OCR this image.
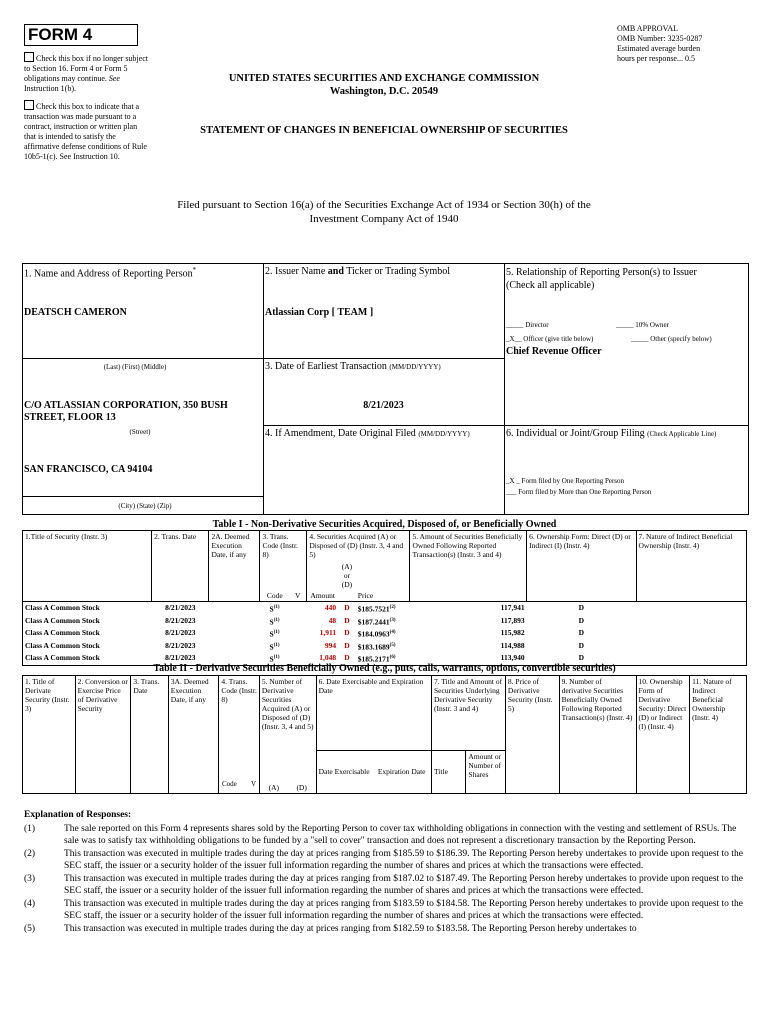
FORM 4
Check this box if no longer subject to Section 16. Form 4 or Form 5 obligations may continue. See Instruction 1(b).
Check this box to indicate that a transaction was made pursuant to a contract, instruction or written plan that is intended to satisfy the affirmative defense conditions of Rule 10b5-1(c). See Instruction 10.
OMB APPROVAL
OMB Number: 3235-0287
Estimated average burden
hours per response... 0.5
UNITED STATES SECURITIES AND EXCHANGE COMMISSION
Washington, D.C. 20549
STATEMENT OF CHANGES IN BENEFICIAL OWNERSHIP OF SECURITIES
Filed pursuant to Section 16(a) of the Securities Exchange Act of 1934 or Section 30(h) of the
Investment Company Act of 1940
1. Name and Address of Reporting Person*
DEATSCH CAMERON
(Last) (First) (Middle)
C/O ATLASSIAN CORPORATION, 350 BUSH STREET, FLOOR 13
(Street)
SAN FRANCISCO, CA 94104
(City) (State) (Zip)
2. Issuer Name and Ticker or Trading Symbol
Atlassian Corp [ TEAM ]
3. Date of Earliest Transaction (MM/DD/YYYY)
8/21/2023
4. If Amendment, Date Original Filed (MM/DD/YYYY)
5. Relationship of Reporting Person(s) to Issuer
(Check all applicable)
_____ Director	_____ 10% Owner
_X__ Officer (give title below)	_____ Other (specify below)
Chief Revenue Officer
6. Individual or Joint/Group Filing (Check Applicable Line)
_X _ Form filed by One Reporting Person
___ Form filed by More than One Reporting Person
Table I - Non-Derivative Securities Acquired, Disposed of, or Beneficially Owned
1.Title of Security (Instr. 3)	2. Trans. Date	2A. Deemed Execution Date, if any	3. Trans. Code (Instr. 8)		4. Securities Acquired (A) or Disposed of (D) (Instr. 3, 4 and 5)			5. Amount of Securities Beneficially Owned Following Reported Transaction(s) (Instr. 3 and 4)	6. Ownership Form: Direct (D) or Indirect (I) (Instr. 4)	7. Nature of Indirect Beneficial Ownership (Instr. 4)
						(A) or (D)				
			Code	V	Amount		Price			
Class A Common Stock	8/21/2023		$S^{(1)}$		440	D	$185.7521$^{(2)}$	117,941	D	
Class A Common Stock	8/21/2023		$S^{(1)}$		48	D	$187.2441$^{(3)}$	117,893	D	
Class A Common Stock	8/21/2023		$S^{(1)}$		1,911	D	$184.0963$^{(4)}$	115,982	D	
Class A Common Stock	8/21/2023		$S^{(1)}$		994	D	$183.1689$^{(5)}$	114,988	D	
Class A Common Stock	8/21/2023		$S^{(1)}$		1,048	D	$185.2171$^{(6)}$	113,940	D	
Table II - Derivative Securities Beneficially Owned (e.g., puts, calls, warrants, options, convertible securities)
1. Title of Derivate Security (Instr. 3)	2. Conversion or Exercise Price of Derivative Security	3. Trans. Date	3A. Deemed Execution Date, if any	4. Trans. Code (Instr. 8)	5. Number of Derivative Securities Acquired (A) or Disposed of (D) (Instr. 3, 4 and 5)		6. Date Exercisable and Expiration Date		7. Title and Amount of Securities Underlying Derivative Security (Instr. 3 and 4)		8. Price of Derivative Security (Instr. 5)	9. Number of derivative Securities Beneficially Owned Following Reported Transaction(s) (Instr. 4)	10. Ownership Form of Derivative Security: Direct (D) or Indirect (I) (Instr. 4)	11. Nature of Indirect Beneficial Ownership (Instr. 4)
					(A)	(D)	Date Exercisable	Expiration Date	Title	Amount or Number of Shares				
Code V
Explanation of Responses:
(1)	The sale reported on this Form 4 represents shares sold by the Reporting Person to cover tax withholding obligations in connection with the vesting and settlement of RSUs. The sale was to satisfy tax withholding obligations to be funded by a "sell to cover" transaction and does not represent a discretionary transaction by the Reporting Person.
(2)	This transaction was executed in multiple trades during the day at prices ranging from $185.59 to $186.39. The Reporting Person hereby undertakes to provide upon request to the SEC staff, the issuer or a security holder of the issuer full information regarding the number of shares and prices at which the transactions were effected.
(3)	This transaction was executed in multiple trades during the day at prices ranging from $187.02 to $187.49. The Reporting Person hereby undertakes to provide upon request to the SEC staff, the issuer or a security holder of the issuer full information regarding the number of shares and prices at which the transactions were effected.
(4)	This transaction was executed in multiple trades during the day at prices ranging from $183.59 to $184.58. The Reporting Person hereby undertakes to provide upon request to the SEC staff, the issuer or a security holder of the issuer full information regarding the number of shares and prices at which the transactions were effected.
(5)	This transaction was executed in multiple trades during the day at prices ranging from $182.59 to $183.58. The Reporting Person hereby undertakes to
